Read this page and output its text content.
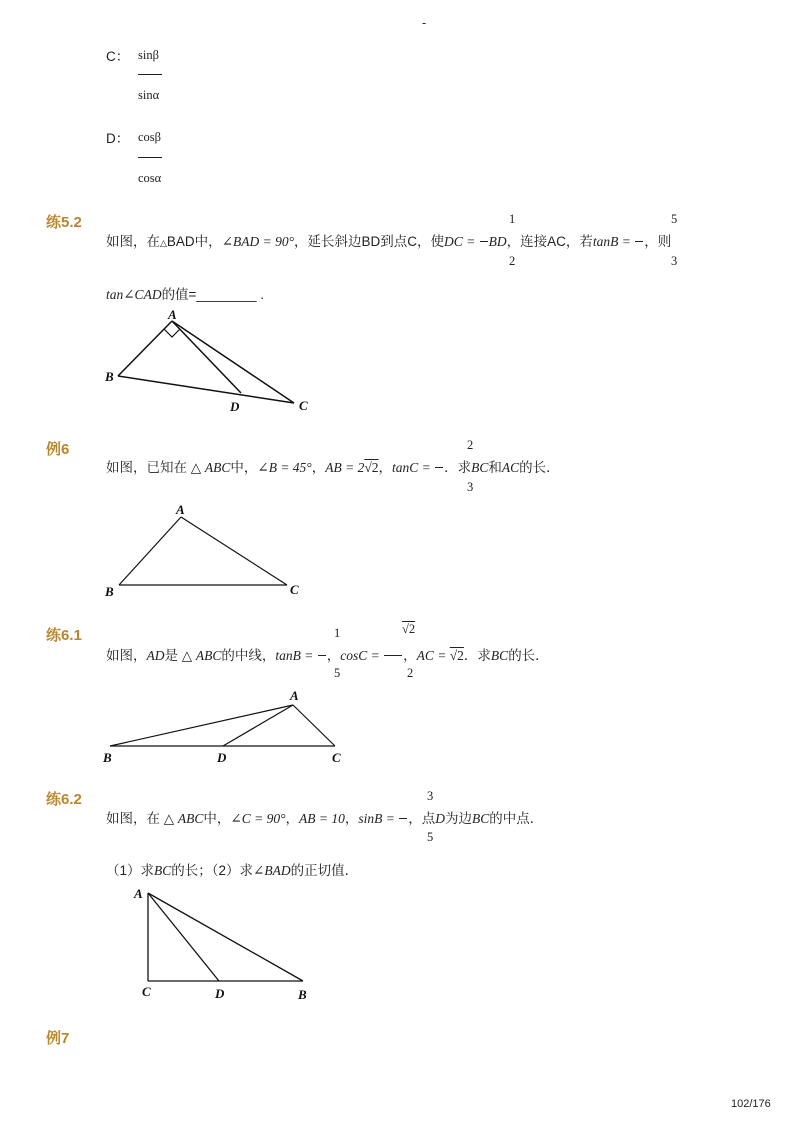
-
C： sinβ
sinα
D： cosβ
cosα
练5.2	1	5
如图，在△BAD中，∠BAD = 90°，延长斜边BD到点C，使DC = BD，连接AC，若tanB = ，则
2	3
tan∠CAD的值=________ .
A
B
D	C
例6	2
如图，已知在 △ ABC中，∠B = 45°，AB = 2√2，tanC = ．求BC和AC的长．
3
A
B	C
练6.1	1	√2
如图，AD是 △ ABC的中线，tanB = ，cosC = ，AC = √2．求BC的长．
5	2
A
B	D	C
练6.2	3
如图，在 △ ABC中，∠C = 90°，AB = 10，sinB = ，点D为边BC的中点．
5
（1）求BC的长；（2）求∠BAD的正切值．
A
C	D	B
例7
102/176
